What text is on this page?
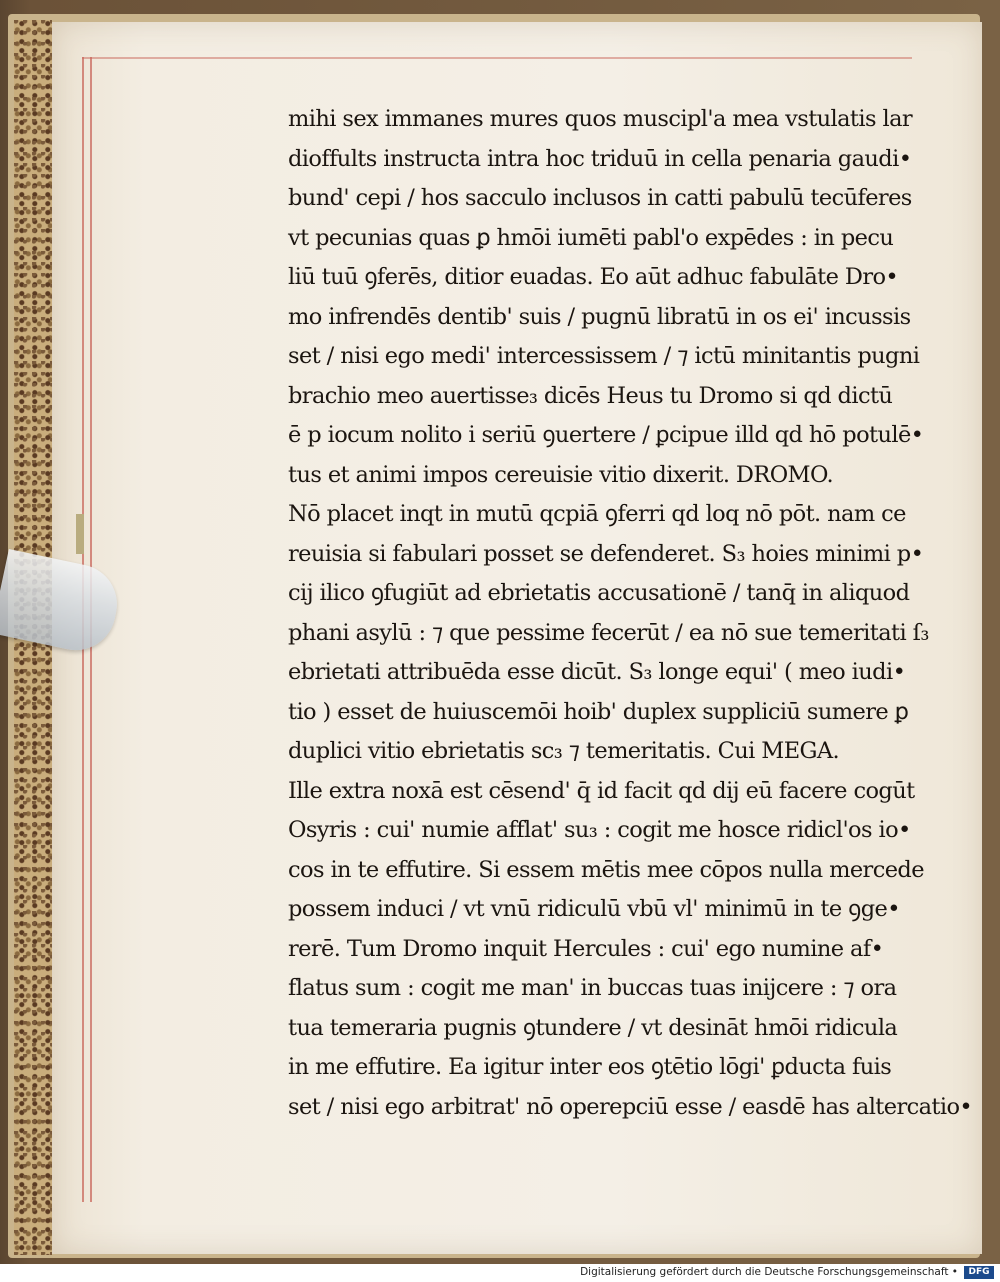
mihi sex immanes mures quos muscipl'a mea vstulatis lar
dioffults instructa intra hoc triduū in cella penaria gaudi•
bund' cepi / hos sacculo inclusos in catti pabulū tecūferes
vt pecunias quas ꝑ hmōi iumēti pabl'o expēdes : in pecu
liū tuū ꝯferēs, ditior euadas. Eo aūt adhuc fabulāte Dro•
mo infrendēs dentib' suis / pugnū libratū in os ei' incussis
set / nisi ego medi' intercessissem / ⁊ ictū minitantis pugni
brachio meo auertisse₃ dicēs Heus tu Dromo si qd dictū
ē p iocum nolito i seriū ꝯuertere / ꝑcipue illd qd hō potulē•
tus et animi impos cereuisie vitio dixerit. DROMO.
Nō placet inqt in mutū qcpiā ꝯferri qd loq nō pōt. nam ce
reuisia si fabulari posset se defenderet. S₃ hoies minimi p•
cij ilico ꝯfugiūt ad ebrietatis accusationē / tanq̄ in aliquod
phani asylū : ⁊ que pessime fecerūt / ea nō sue temeritati ſ₃
ebrietati attribuēda esse dicūt. S₃ longe equi' ( meo iudi•
tio ) esset de huiuscemōi hoib' duplex suppliciū sumere ꝑ
duplici vitio ebrietatis sc₃ ⁊ temeritatis. Cui MEGA.
Ille extra noxā est cēsend' q̄ id facit qd dij eū facere cogūt
Osyris : cui' numie afflat' su₃ : cogit me hosce ridicl'os io•
cos in te effutire. Si essem mētis mee cōpos nulla mercede
possem induci / vt vnū ridiculū vbū vl' minimū in te ꝯge•
rerē. Tum Dromo inquit Hercules : cui' ego numine af•
flatus sum : cogit me man' in buccas tuas inijcere : ⁊ ora
tua temeraria pugnis ꝯtundere / vt desināt hmōi ridicula
in me effutire. Ea igitur inter eos ꝯtētio lōgi' ꝑducta fuis
set / nisi ego arbitrat' nō operepciū esse / easdē has altercatio•
Digitalisierung gefördert durch die Deutsche Forschungsgemeinschaft •	DFG
